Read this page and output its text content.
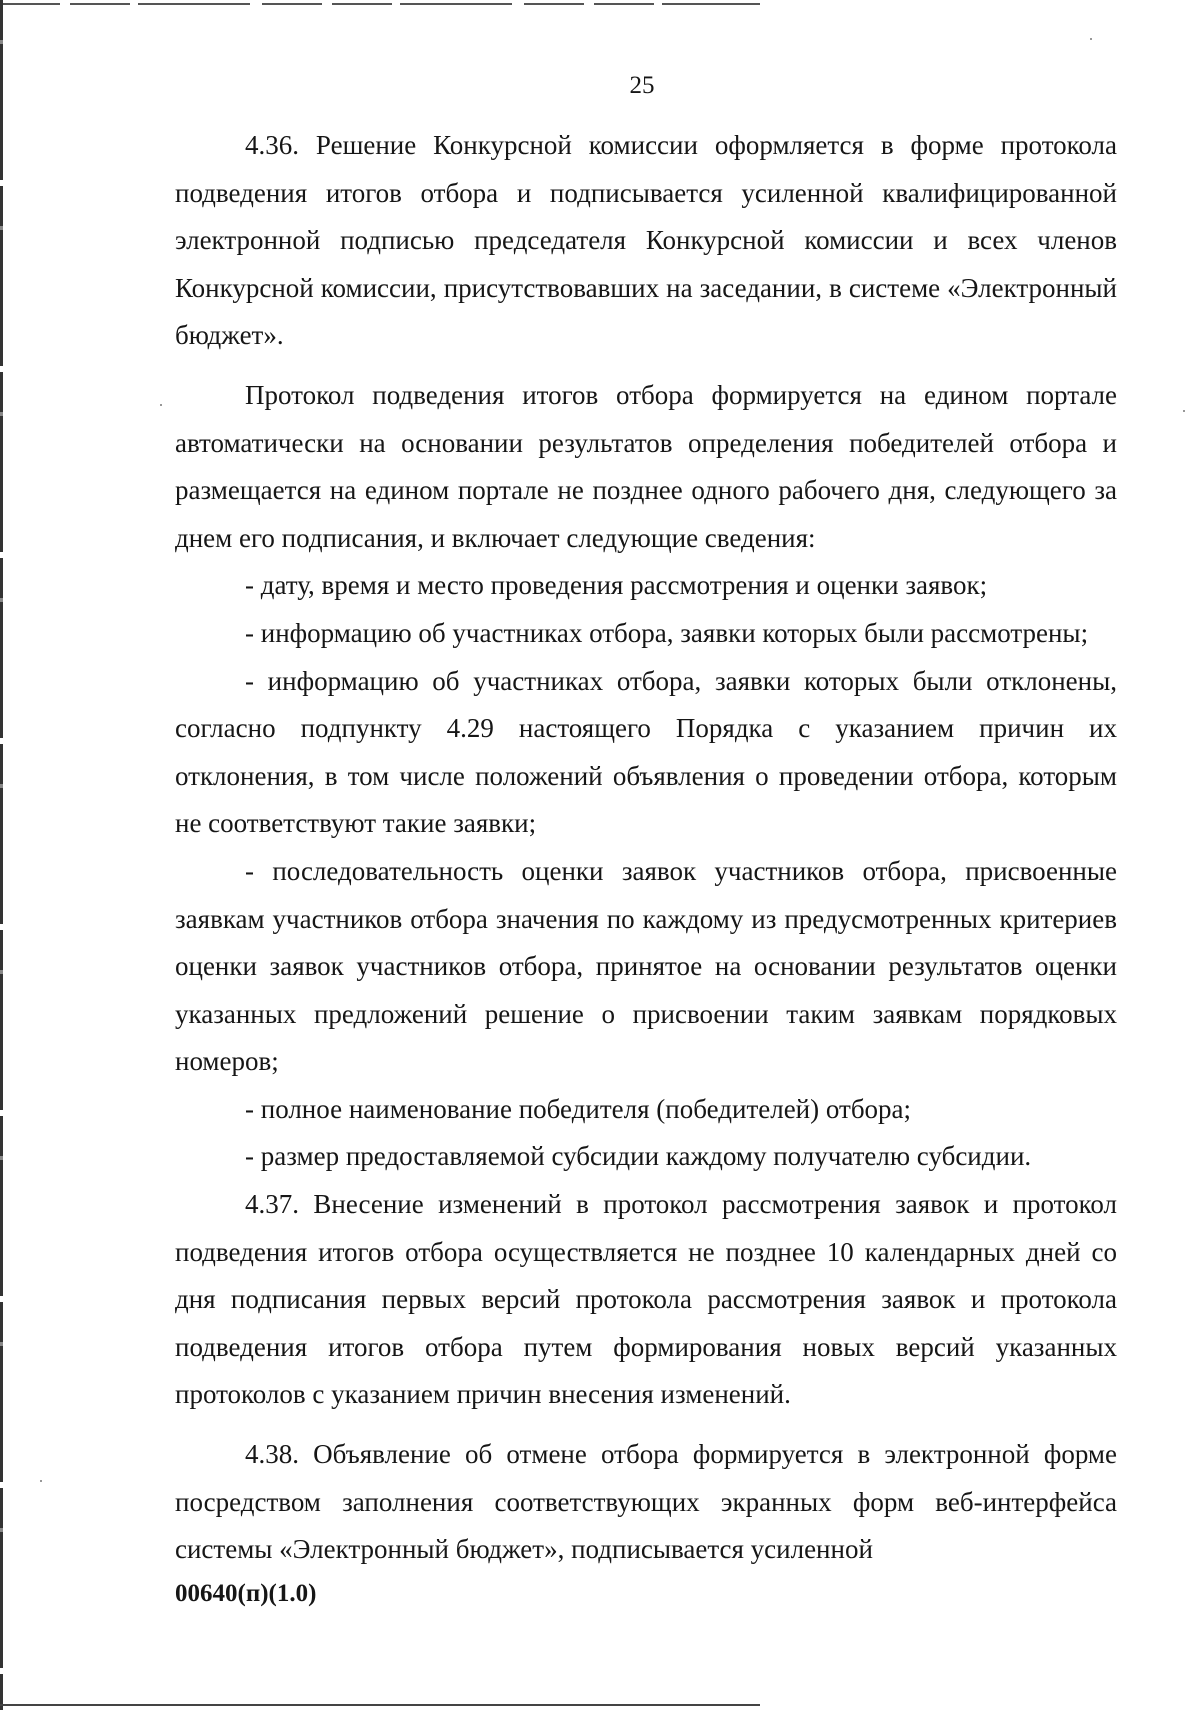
25

4.36. Решение Конкурсной комиссии оформляется в форме протокола подведения итогов отбора и подписывается усиленной квалифицированной электронной подписью председателя Конкурсной комиссии и всех членов Конкурсной комиссии, присутствовавших на заседании, в системе «Электронный бюджет».

Протокол подведения итогов отбора формируется на едином портале автоматически на основании результатов определения победителей отбора и размещается на едином портале не позднее одного рабочего дня, следующего за днем его подписания, и включает следующие сведения:

- дату, время и место проведения рассмотрения и оценки заявок;

- информацию об участниках отбора, заявки которых были рассмотрены;

- информацию об участниках отбора, заявки которых были отклонены, согласно подпункту 4.29 настоящего Порядка с указанием причин их отклонения, в том числе положений объявления о проведении отбора, которым не соответствуют такие заявки;

- последовательность оценки заявок участников отбора, присвоенные заявкам участников отбора значения по каждому из предусмотренных критериев оценки заявок участников отбора, принятое на основании результатов оценки указанных предложений решение о присвоении таким заявкам порядковых номеров;

- полное наименование победителя (победителей) отбора;

- размер предоставляемой субсидии каждому получателю субсидии.

4.37. Внесение изменений в протокол рассмотрения заявок и протокол подведения итогов отбора осуществляется не позднее 10 календарных дней со дня подписания первых версий протокола рассмотрения заявок и протокола подведения итогов отбора путем формирования новых версий указанных протоколов с указанием причин внесения изменений.

4.38. Объявление об отмене отбора формируется в электронной форме посредством заполнения соответствующих экранных форм веб-интерфейса системы «Электронный бюджет», подписывается усиленной

00640(п)(1.0)
